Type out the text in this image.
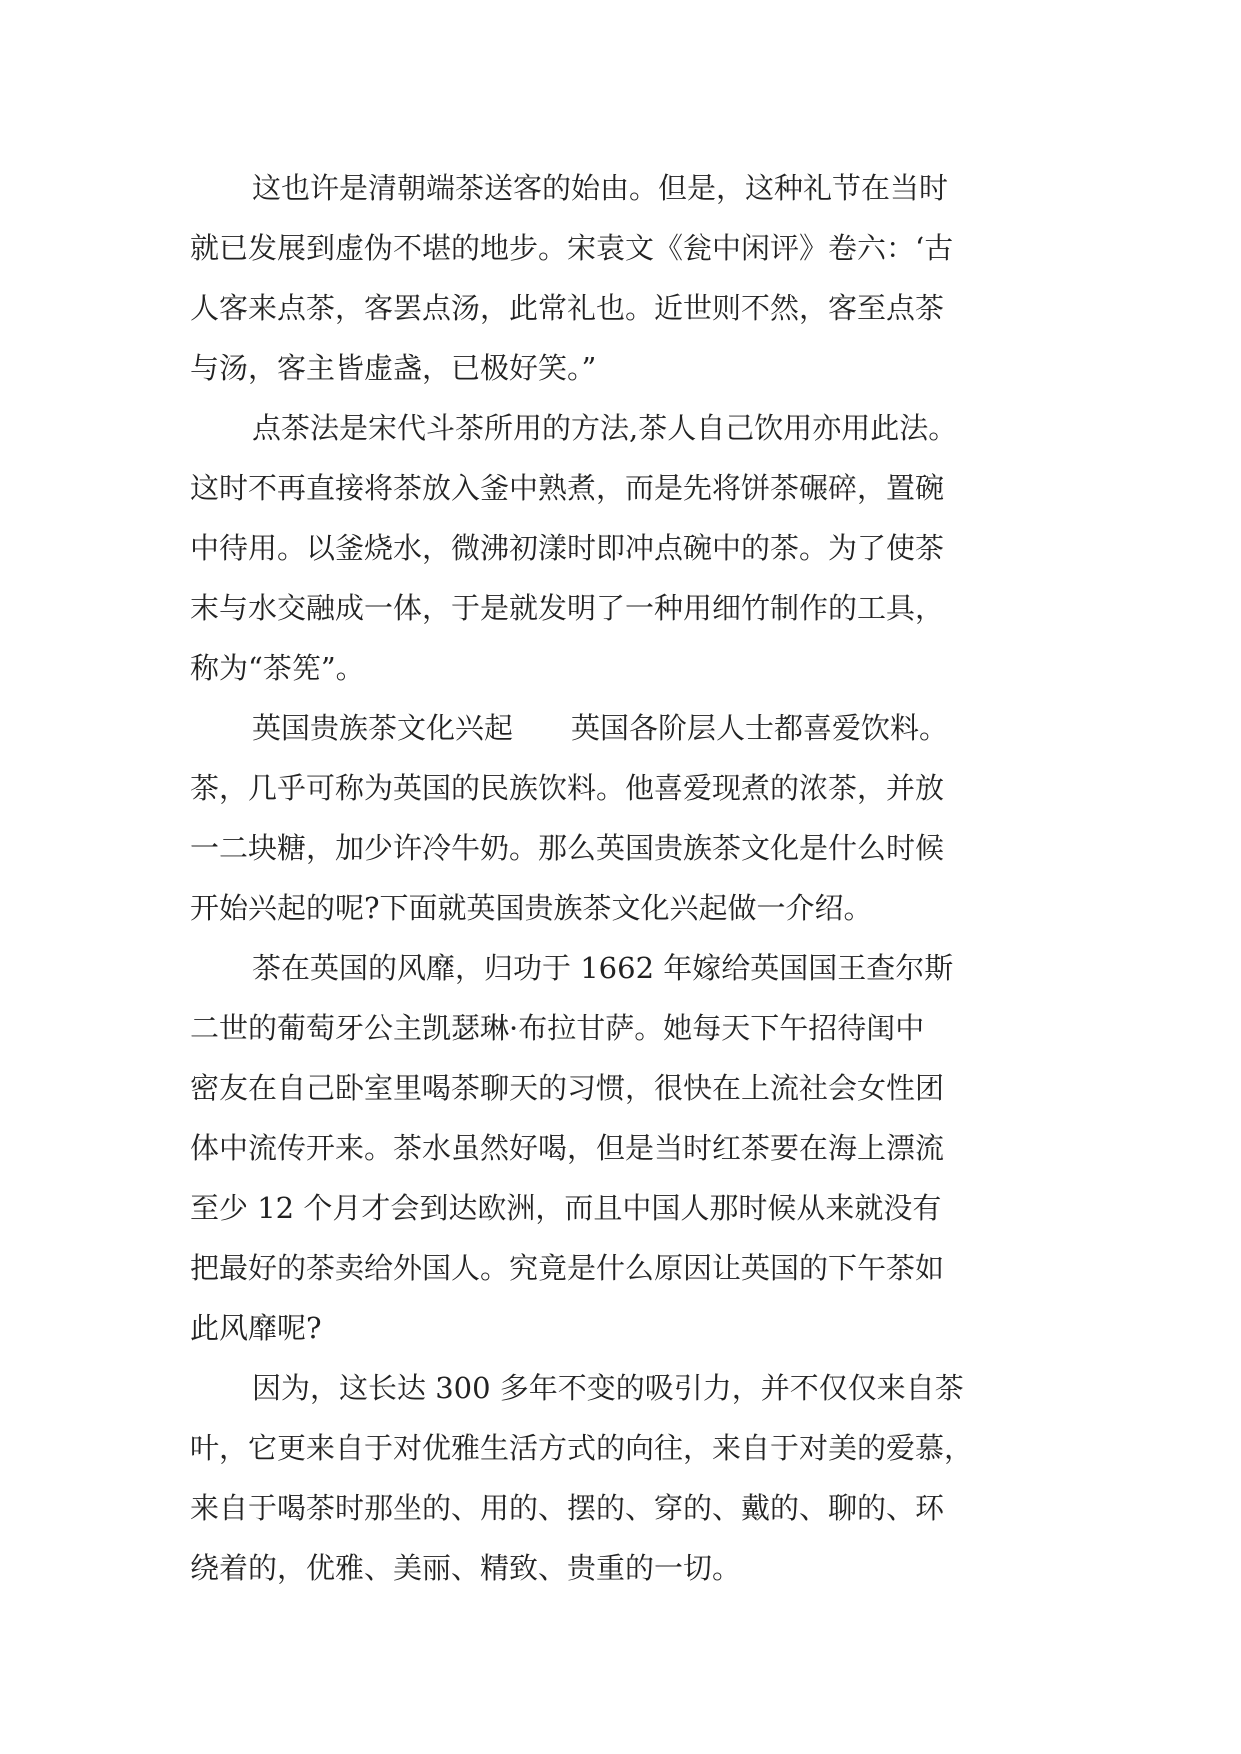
这也许是清朝端茶送客的始由。但是，这种礼节在当时
就已发展到虚伪不堪的地步。宋袁文《瓮中闲评》卷六：‘古
人客来点茶，客罢点汤，此常礼也。近世则不然，客至点茶
与汤，客主皆虚盏，已极好笑。”
点茶法是宋代斗茶所用的方法,茶人自己饮用亦用此法。
这时不再直接将茶放入釜中熟煮，而是先将饼茶碾碎，置碗
中待用。以釜烧水，微沸初漾时即冲点碗中的茶。为了使茶
末与水交融成一体，于是就发明了一种用细竹制作的工具，
称为“茶筅”。
英国贵族茶文化兴起　　英国各阶层人士都喜爱饮料。
茶，几乎可称为英国的民族饮料。他喜爱现煮的浓茶，并放
一二块糖，加少许冷牛奶。那么英国贵族茶文化是什么时候
开始兴起的呢?下面就英国贵族茶文化兴起做一介绍。
茶在英国的风靡，归功于 1662 年嫁给英国国王查尔斯
二世的葡萄牙公主凯瑟琳·布拉甘萨。她每天下午招待闺中
密友在自己卧室里喝茶聊天的习惯，很快在上流社会女性团
体中流传开来。茶水虽然好喝，但是当时红茶要在海上漂流
至少 12 个月才会到达欧洲，而且中国人那时候从来就没有
把最好的茶卖给外国人。究竟是什么原因让英国的下午茶如
此风靡呢?
因为，这长达 300 多年不变的吸引力，并不仅仅来自茶
叶，它更来自于对优雅生活方式的向往，来自于对美的爱慕，
来自于喝茶时那坐的、用的、摆的、穿的、戴的、聊的、环
绕着的，优雅、美丽、精致、贵重的一切。
